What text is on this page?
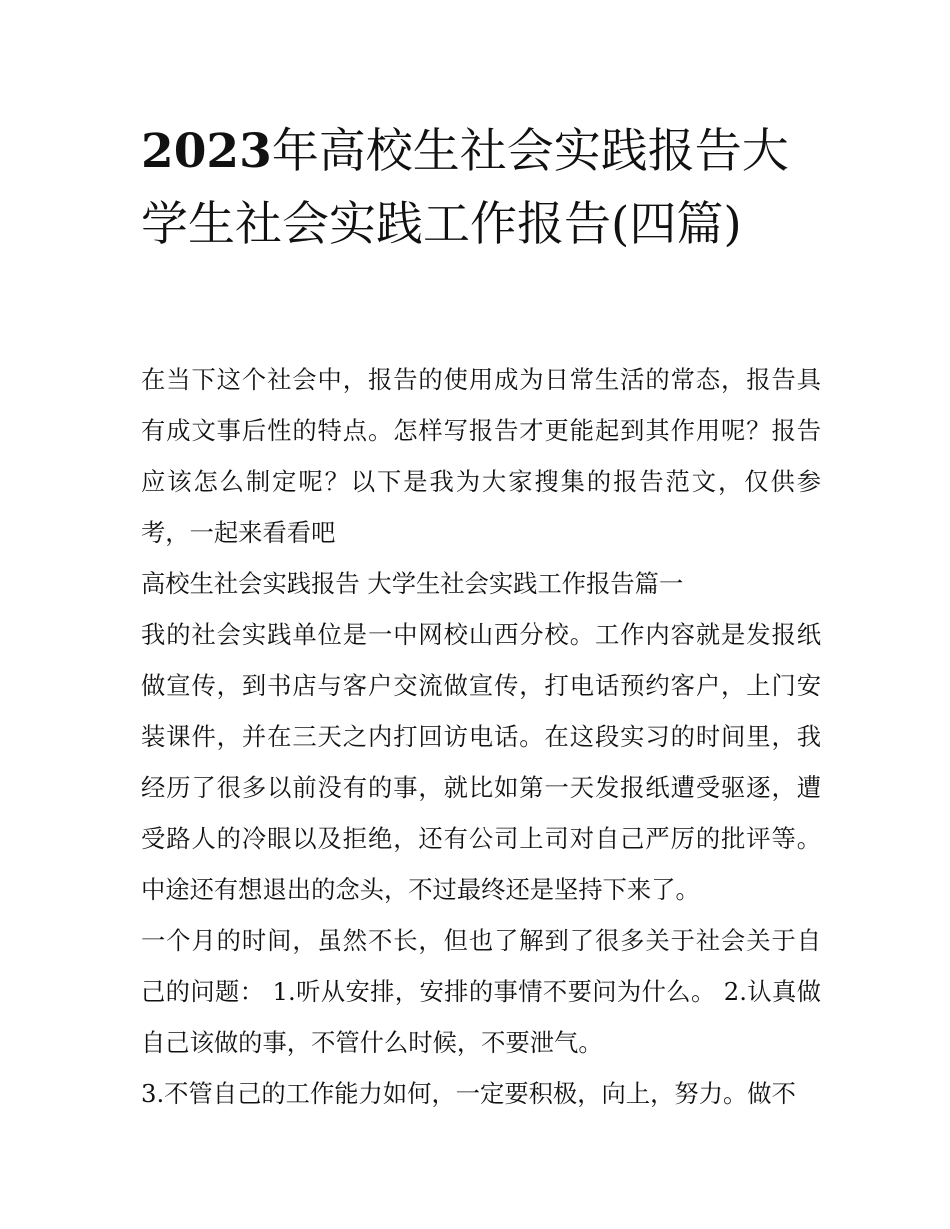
2023年高校生社会实践报告大学生社会实践工作报告(四篇)

在当下这个社会中，报告的使用成为日常生活的常态，报告具有成文事后性的特点。怎样写报告才更能起到其作用呢？报告应该怎么制定呢？以下是我为大家搜集的报告范文，仅供参考，一起来看看吧

高校生社会实践报告 大学生社会实践工作报告篇一

我的社会实践单位是一中网校山西分校。工作内容就是发报纸做宣传，到书店与客户交流做宣传，打电话预约客户，上门安装课件，并在三天之内打回访电话。在这段实习的时间里，我经历了很多以前没有的事，就比如第一天发报纸遭受驱逐，遭受路人的冷眼以及拒绝，还有公司上司对自己严厉的批评等。中途还有想退出的念头，不过最终还是坚持下来了。

一个月的时间，虽然不长，但也了解到了很多关于社会关于自己的问题： 1.听从安排，安排的事情不要问为什么。 2.认真做自己该做的事，不管什么时候，不要泄气。

3.不管自己的工作能力如何，一定要积极，向上，努力。做不
